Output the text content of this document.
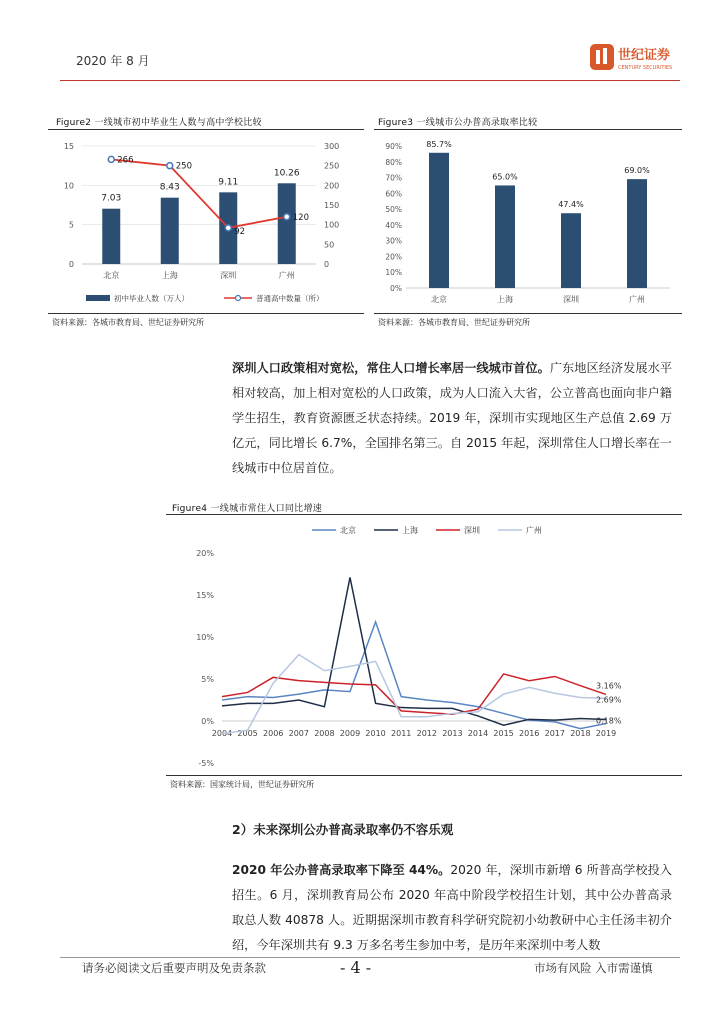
2020 年 8 月	世纪证券
CENTURY SECURITIES
Figure2 一线城市初中毕业生人数与高中学校比较
0
5
10
15
0
50
100
150
200
250
300
7.03
北京
8.43
上海
9.11
深圳
10.26
广州
266
250
92
120
初中毕业人数（万人）	普通高中数量（所）
资料来源：各城市教育局、世纪证券研究所
Figure3 一线城市公办普高录取率比较
0%
10%
20%
30%
40%
50%
60%
70%
80%
90%	85.7%
北京
65.0%
上海
47.4%
深圳
69.0%
广州
资料来源：各城市教育局、世纪证券研究所
深圳人口政策相对宽松，常住人口增长率居一线城市首位。广东地区经济发展水平相对较高，加上相对宽松的人口政策，成为人口流入大省，公立普高也面向非户籍学生招生，教育资源匮乏状态持续。2019 年，深圳市实现地区生产总值 2.69 万亿元，同比增长 6.7%，全国排名第三。自 2015 年起，深圳常住人口增长率在一线城市中位居首位。
Figure4 一线城市常住人口同比增速
-5%
0%
5%
10%
15%
20%
2004 2005 2006 2007 2008 2009 2010 2011 2012 2013 2014 2015 2016 2017 2018 2019
3.16%
2.69%
0.18%
北京	上海	深圳	广州
资料来源：国家统计局，世纪证券研究所
2）未来深圳公办普高录取率仍不容乐观
2020 年公办普高录取率下降至 44%。2020 年，深圳市新增 6 所普高学校投入招生。6 月，深圳教育局公布 2020 年高中阶段学校招生计划，其中公办普高录取总人数 40878 人。近期据深圳市教育科学研究院初小幼教研中心主任汤丰初介绍，今年深圳共有 9.3 万多名考生参加中考，是历年来深圳中考人数
请务必阅读文后重要声明及免责条款	- 4 -	市场有风险 入市需谨慎
